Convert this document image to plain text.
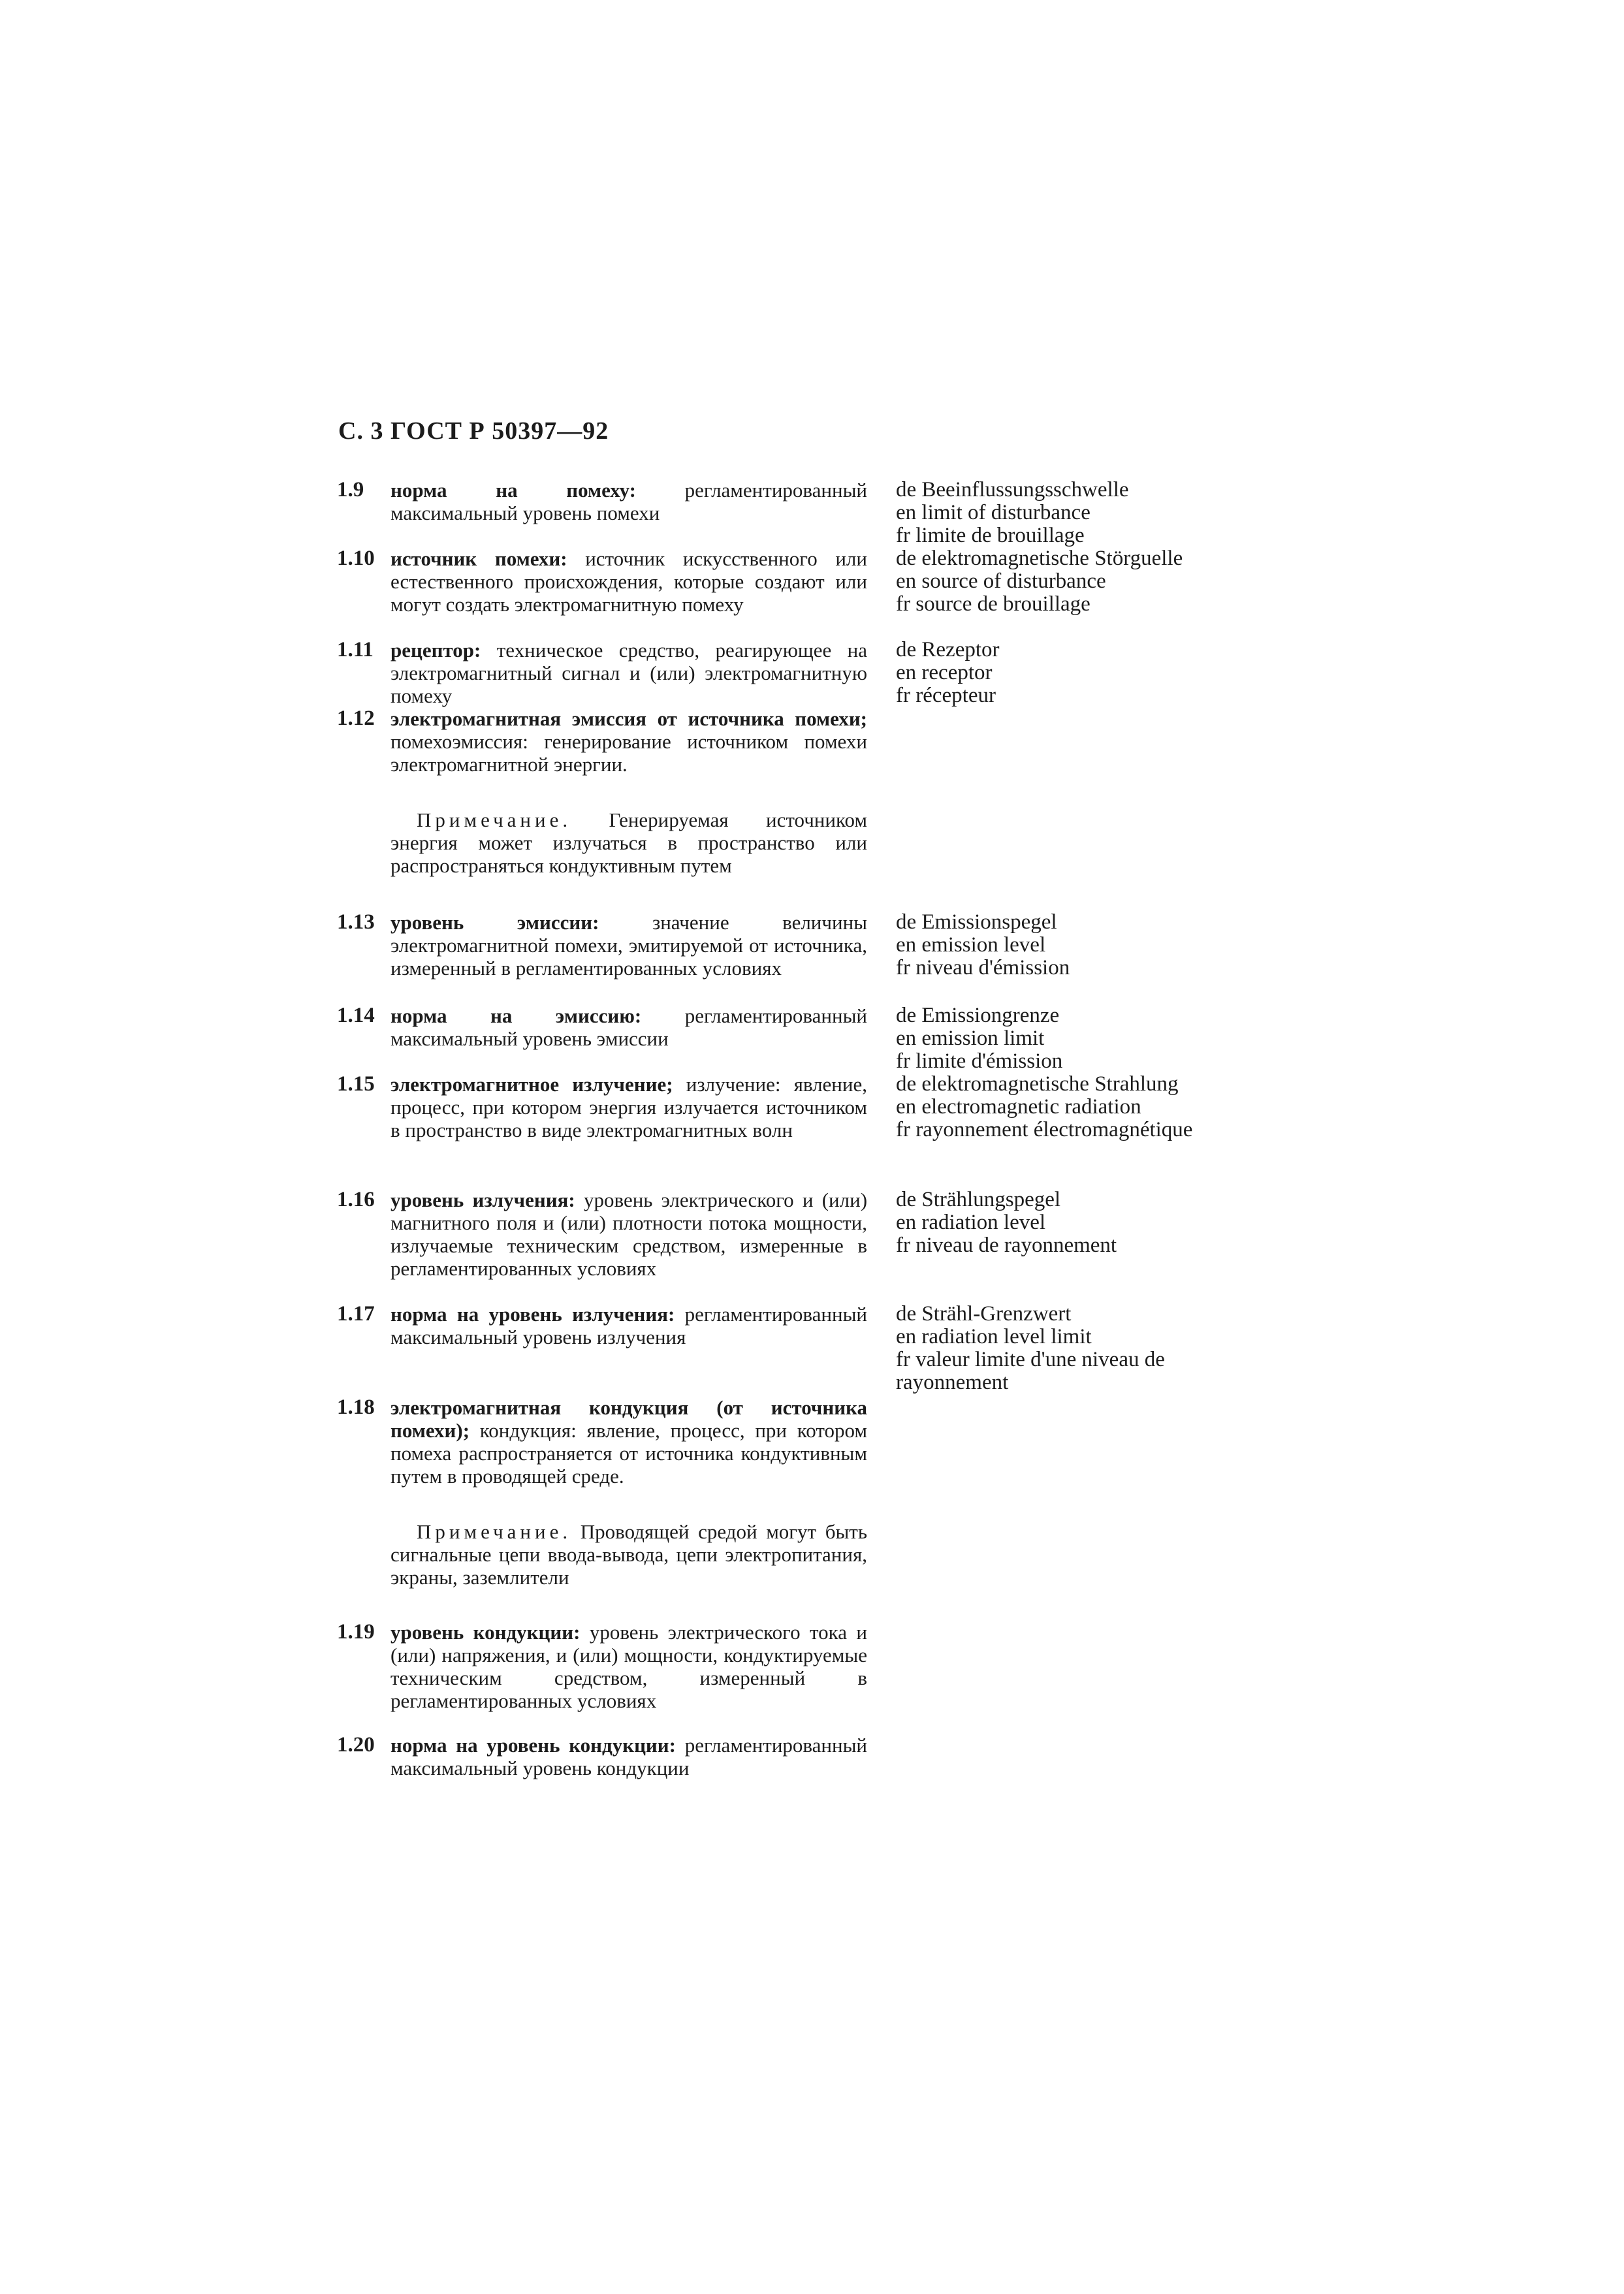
С. 3 ГОСТ Р 50397—92
1.9 норма на помеху: регламентированный максимальный уровень помехи
1.10 источник помехи: источник искусственного или естественного происхождения, которые создают или могут создать электромагнитную помеху
1.11 рецептор: техническое средство, реагирующее на электромагнитный сигнал и (или) электромагнитную помеху
1.12 электромагнитная эмиссия от источника помехи; помехоэмиссия: генерирование источником помехи электромагнитной энергии.
Примечание. Генерируемая источником энергия может излучаться в пространство или распространяться кондуктивным путем
1.13 уровень эмиссии:	значение величины электромагнитной помехи, эмитируемой от источника, измеренный в регламентированных условиях
1.14 норма на эмиссию: регламентированный максимальный уровень эмиссии
1.15 электромагнитное излучение; излучение: явление, процесс, при котором энергия излучается источником в пространство в виде электромагнитных волн
1.16 уровень излучения: уровень электрического и (или) магнитного поля и (или) плотности потока мощности, излучаемые техническим средством, измеренные в регламентированных условиях
1.17 норма на уровень излучения: регламентированный максимальный уровень излучения
1.18 электромагнитная кондукция (от источника помехи); кондукция: явление, процесс, при котором помеха распространяется от источника кондуктивным путем в проводящей среде.
Примечание. Проводящей средой могут быть сигнальные цепи ввода-вывода, цепи электропитания, экраны, заземлители
1.19 уровень кондукции: уровень электрического тока и (или) напряжения, и (или) мощности, кондуктируемые техническим средством, измеренный в регламентированных условиях
1.20 норма на уровень кондукции: регламентированный максимальный уровень кондукции
de Beeinflussungsschwelle
en limit of disturbance
fr limite de brouillage
de elektromagnetische Störguelle
en source of disturbance
fr source de brouillage
de Rezeptor
en receptor
fr récepteur
de Emissionspegel
en emission level
fr niveau d'émission
de Emissiongrenze
en emission limit
fr limite d'émission
de elektromagnetische Strahlung
en electromagnetic radiation
fr rayonnement électromagnétique
de Strählungspegel
en radiation level
fr niveau de rayonnement
de Strähl-Grenzwert
en radiation level limit
fr valeur limite d'une niveau de rayonnement
